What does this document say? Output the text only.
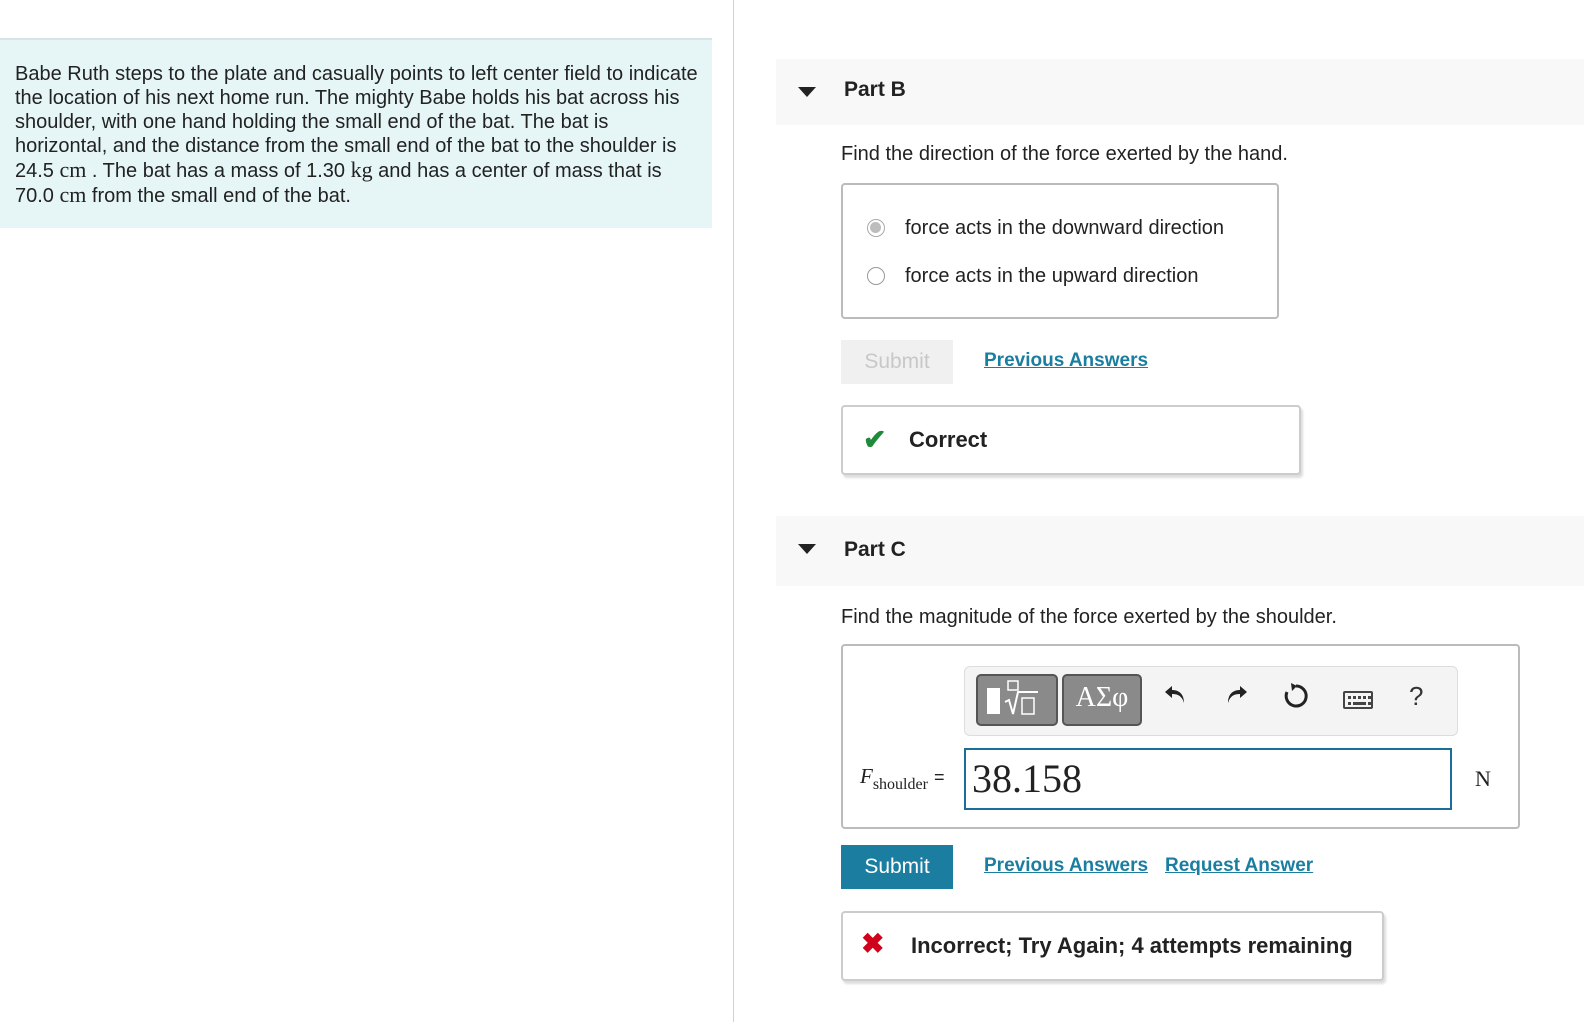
Babe Ruth steps to the plate and casually points to left center field to indicate the location of his next home run. The mighty Babe holds his bat across his shoulder, with one hand holding the small end of the bat. The bat is horizontal, and the distance from the small end of the bat to the shoulder is 24.5 cm . The bat has a mass of 1.30 kg and has a center of mass that is 70.0 cm from the small end of the bat.
Part B
Find the direction of the force exerted by the hand.
force acts in the downward direction
force acts in the upward direction
Submit	Previous Answers
✔ Correct
Part C
Find the magnitude of the force exerted by the shoulder.
ΑΣφ	?
$F_{shoulder} = 38.158$	N
Submit	Previous Answers Request Answer
✖ Incorrect; Try Again; 4 attempts remaining
